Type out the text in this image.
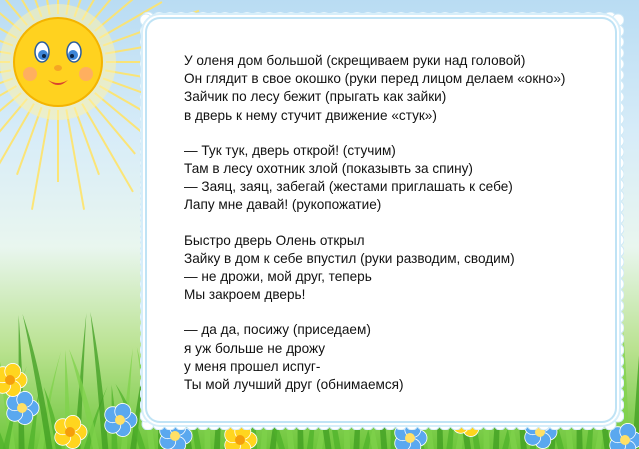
У оленя дом большой (скрещиваем руки над головой)
Он глядит в свое окошко (руки перед лицом делаем «окно»)
Зайчик по лесу бежит (прыгать как зайки)
в дверь к нему стучит движение «стук»)
— Тук тук, дверь открой! (стучим)
Там в лесу охотник злой (показывть за спину)
— Заяц, заяц, забегай (жестами приглашать к себе)
Лапу мне давай! (рукопожатие)
Быстро дверь Олень открыл
Зайку в дом к себе впустил (руки разводим, сводим)
— не дрожи, мой друг, теперь
Мы закроем дверь!
— да да, посижу (приседаем)
я уж больше не дрожу
у меня прошел испуг-
Ты мой лучший друг (обнимаемся)
